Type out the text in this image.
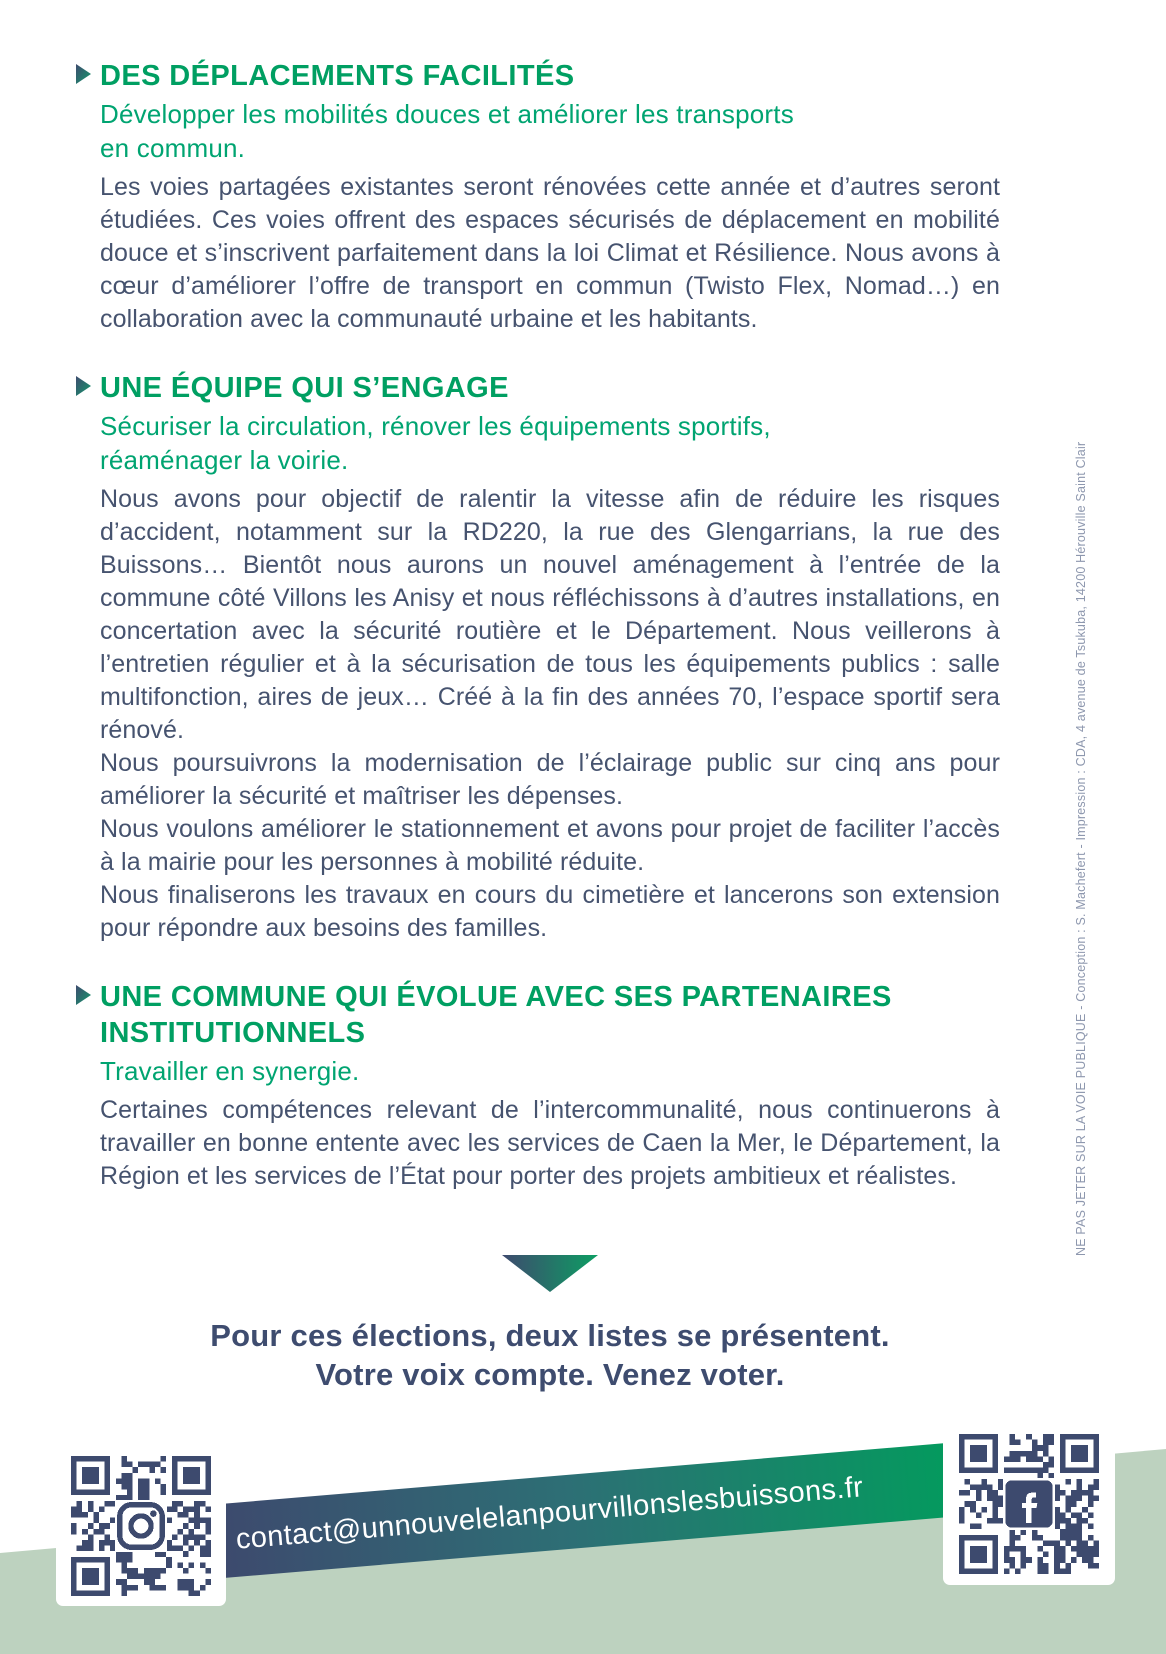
NE PAS JETER SUR LA VOIE PUBLIQUE - Conception : S. Machefert - Impression : CDA, 4 avenue de Tsukuba, 14200 Hérouville Saint Clair
DES DÉPLACEMENTS FACILITÉS
Développer les mobilités douces et améliorer les transports
en commun.

Les voies partagées existantes seront rénovées cette année et d’autres seront étudiées. Ces voies offrent des espaces sécurisés de déplacement en mobilité douce et s’inscrivent parfaitement dans la loi Climat et Résilience. Nous avons à cœur d’améliorer l’offre de transport en commun (Twisto Flex, Nomad…) en collaboration avec la communauté urbaine et les habitants.

UNE ÉQUIPE QUI S’ENGAGE
Sécuriser la circulation, rénover les équipements sportifs,
réaménager la voirie.

Nous avons pour objectif de ralentir la vitesse afin de réduire les risques d’accident, notamment sur la RD220, la rue des Glengarrians, la rue des Buissons… Bientôt nous aurons un nouvel aménagement à l’entrée de la commune côté Villons les Anisy et nous réfléchissons à d’autres installations, en concertation avec la sécurité routière et le Département. Nous veillerons à l’entretien régulier et à la sécurisation de tous les équipements publics : salle multifonction, aires de jeux… Créé à la fin des années 70, l’espace sportif sera rénové.

Nous poursuivrons la modernisation de l’éclairage public sur cinq ans pour améliorer la sécurité et maîtriser les dépenses.

Nous voulons améliorer le stationnement et avons pour projet de faciliter l’accès à la mairie pour les personnes à mobilité réduite.

Nous finaliserons les travaux en cours du cimetière et lancerons son extension pour répondre aux besoins des familles.

UNE COMMUNE QUI ÉVOLUE AVEC SES PARTENAIRES INSTITUTIONNELS
Travailler en synergie.

Certaines compétences relevant de l’intercommunalité, nous continuerons à travailler en bonne entente avec les services de Caen la Mer, le Département, la Région et les services de l’État pour porter des projets ambitieux et réalistes.

Pour ces élections, deux listes se présentent.
Votre voix compte. Venez voter.
contact@unnouvelelanpourvillonslesbuissons.fr
